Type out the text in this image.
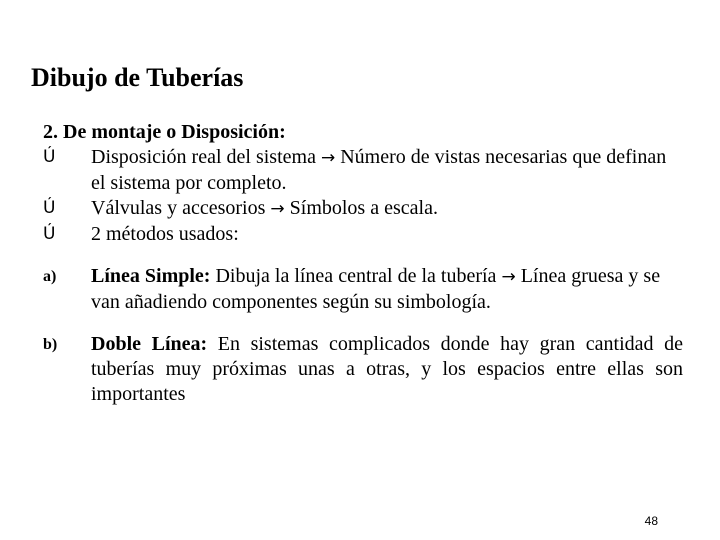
Dibujo de Tuberías
2. De montaje o Disposición:
Ú	Disposición real del sistema → Número de vistas necesarias que definan el sistema por completo.
Ú	Válvulas y accesorios → Símbolos a escala.
Ú	2 métodos usados:
a)	Línea Simple: Dibuja la línea central de la tubería → Línea gruesa y se van añadiendo componentes según su simbología.
b)	Doble Línea: En sistemas complicados donde hay gran cantidad de tuberías muy próximas unas a otras, y los espacios entre ellas son importantes
48
